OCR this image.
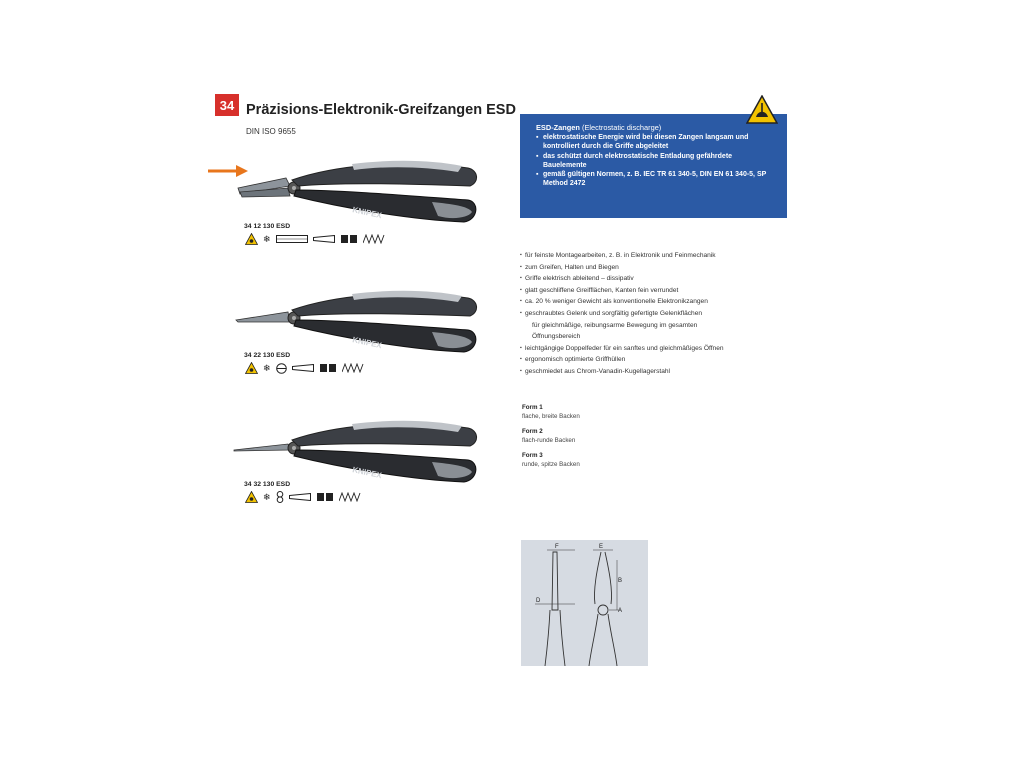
34 Präzisions-Elektronik-Greifzangen ESD
DIN ISO 9655
KNIPEX
34 12 130 ESD
❄
KNIPEX
34 22 130 ESD
❄
KNIPEX
34 32 130 ESD
❄
ESD-Zangen (Electrostatic discharge)
▪ elektrostatische Energie wird bei diesen Zangen langsam und kontrolliert durch die Griffe abgeleitet
▪ das schützt durch elektrostatische Entladung gefährdete Bauelemente
▪ gemäß gültigen Normen, z. B. IEC TR 61 340-5, DIN EN 61 340-5, SP Method 2472
▪ für feinste Montagearbeiten, z. B. in Elektronik und Feinmechanik
▪ zum Greifen, Halten und Biegen
▪ Griffe elektrisch ableitend – dissipativ
▪ glatt geschliffene Greifflächen, Kanten fein verrundet
▪ ca. 20 % weniger Gewicht als konventionelle Elektronikzangen
▪ geschraubtes Gelenk und sorgfältig gefertigte Gelenkflächen
für gleichmäßige, reibungsarme Bewegung im gesamten
Öffnungsbereich
▪ leichtgängige Doppelfeder für ein sanftes und gleichmäßiges Öffnen
▪ ergonomisch optimierte Griffhüllen
▪ geschmiedet aus Chrom-Vanadin-Kugellagerstahl
Form 1
flache, breite Backen
Form 2
flach-runde Backen
Form 3
runde, spitze Backen
F	E
B
D
A
